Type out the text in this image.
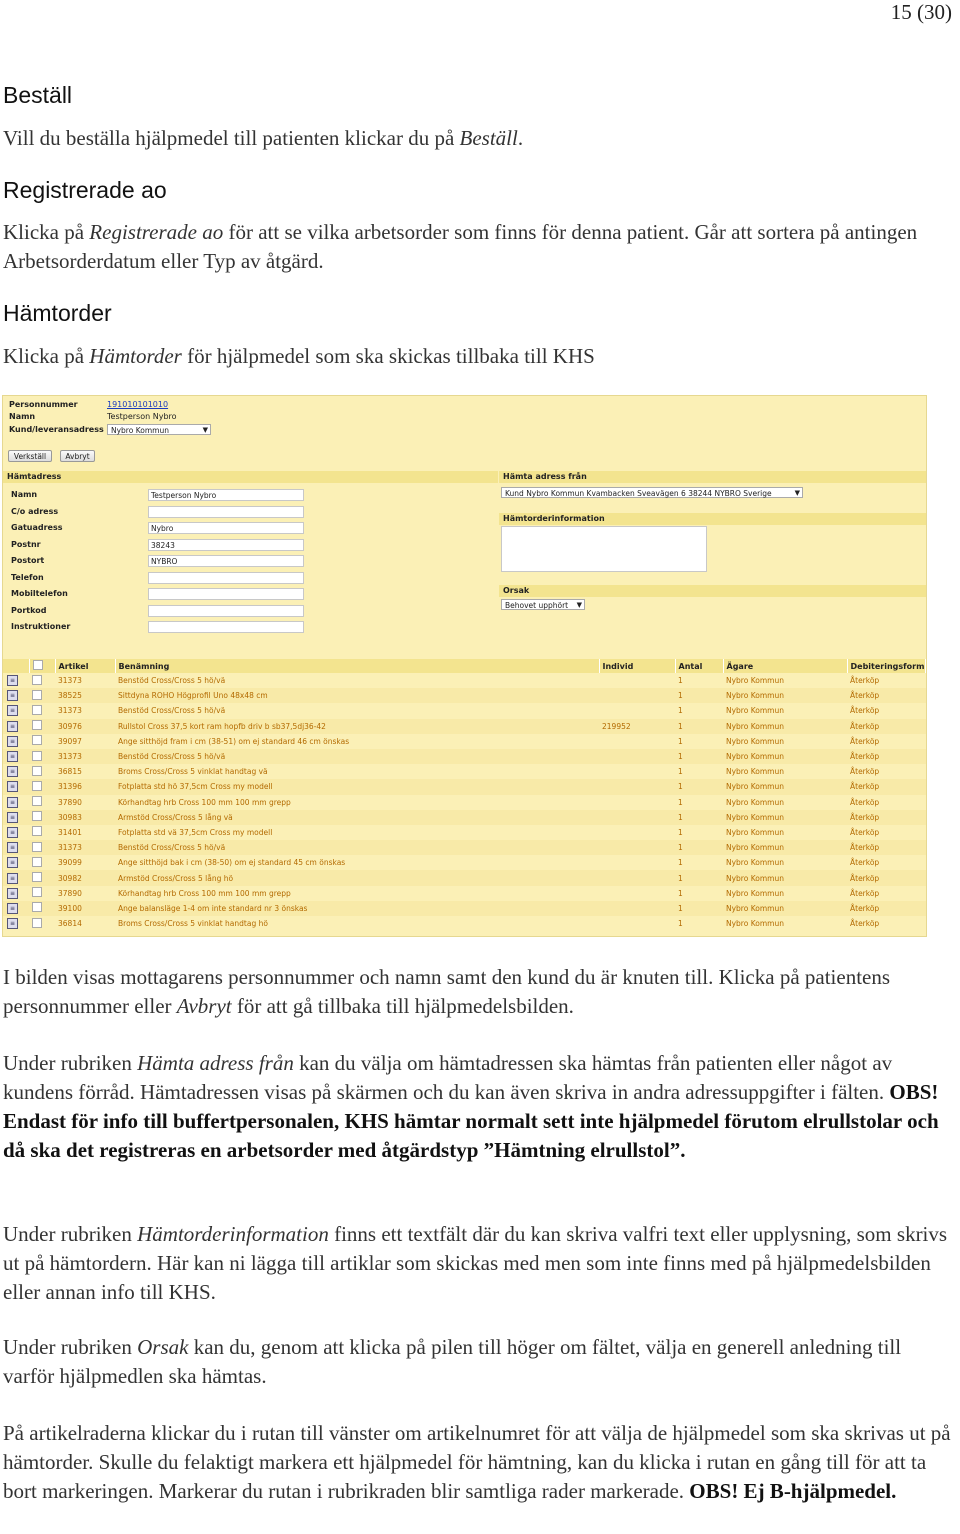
15 (30)
Beställ
Vill du beställa hjälpmedel till patienten klickar du på Beställ.
Registrerade ao
Klicka på Registrerade ao för att se vilka arbetsorder som finns för denna patient. Går att sortera på antingen Arbetsorderdatum eller Typ av åtgärd.
Hämtorder
Klicka på Hämtorder för hjälpmedel som ska skickas tillbaka till KHS
Personnummer	191010101010
Namn	Testperson Nybro
Kund/leveransadress Nybro Kommun	▼
Verkställ	Avbryt
Hämtadress	Hämta adress från
Namn	Testperson Nybro
C/o adress
Gatuadress	Nybro
Postnr	38243
Postort	NYBRO
Telefon
Mobiltelefon
Portkod
Instruktioner
Kund Nybro Kommun Kvambacken Sveavägen 6 38244 NYBRO Sverige	▼
Hämtorderinformation
Orsak
Behovet upphört ▼
		Artikel	Benämning	Individ	Antal	Ägare	Debiteringsform
≡		31373	Benstöd Cross/Cross 5 hö/vä		1	Nybro Kommun	Återköp
≡		38525	Sittdyna ROHO Högprofil Uno 48x48 cm		1	Nybro Kommun	Återköp
≡		31373	Benstöd Cross/Cross 5 hö/vä		1	Nybro Kommun	Återköp
≡		30976	Rullstol Cross 37,5 kort ram hopfb driv b sb37,5dj36-42	219952	1	Nybro Kommun	Återköp
≡		39097	Ange sitthöjd fram i cm (38-51) om ej standard 46 cm önskas		1	Nybro Kommun	Återköp
≡		31373	Benstöd Cross/Cross 5 hö/vä		1	Nybro Kommun	Återköp
≡		36815	Broms Cross/Cross 5 vinklat handtag vä		1	Nybro Kommun	Återköp
≡		31396	Fotplatta std hö 37,5cm Cross my modell		1	Nybro Kommun	Återköp
≡		37890	Körhandtag hrb Cross 100 mm 100 mm grepp		1	Nybro Kommun	Återköp
≡		30983	Armstöd Cross/Cross 5 lång vä		1	Nybro Kommun	Återköp
≡		31401	Fotplatta std vä 37,5cm Cross my modell		1	Nybro Kommun	Återköp
≡		31373	Benstöd Cross/Cross 5 hö/vä		1	Nybro Kommun	Återköp
≡		39099	Ange sitthöjd bak i cm (38-50) om ej standard 45 cm önskas		1	Nybro Kommun	Återköp
≡		30982	Armstöd Cross/Cross 5 lång hö		1	Nybro Kommun	Återköp
≡		37890	Körhandtag hrb Cross 100 mm 100 mm grepp		1	Nybro Kommun	Återköp
≡		39100	Ange balansläge 1-4 om inte standard nr 3 önskas		1	Nybro Kommun	Återköp
≡		36814	Broms Cross/Cross 5 vinklat handtag hö		1	Nybro Kommun	Återköp
I bilden visas mottagarens personnummer och namn samt den kund du är knuten till. Klicka på patientens personnummer eller Avbryt för att gå tillbaka till hjälpmedelsbilden.
Under rubriken Hämta adress från kan du välja om hämtadressen ska hämtas från patienten eller något av kundens förråd. Hämtadressen visas på skärmen och du kan även skriva in andra adressuppgifter i fälten. OBS! Endast för info till buffertpersonalen, KHS hämtar normalt sett inte hjälpmedel förutom elrullstolar och då ska det registreras en arbetsorder med åtgärdstyp ”Hämtning elrullstol”.
Under rubriken Hämtorderinformation finns ett textfält där du kan skriva valfri text eller upplysning, som skrivs ut på hämtordern. Här kan ni lägga till artiklar som skickas med men som inte finns med på hjälpmedelsbilden eller annan info till KHS.
Under rubriken Orsak kan du, genom att klicka på pilen till höger om fältet, välja en generell anledning till varför hjälpmedlen ska hämtas.
På artikelraderna klickar du i rutan till vänster om artikelnumret för att välja de hjälpmedel som ska skrivas ut på hämtorder. Skulle du felaktigt markera ett hjälpmedel för hämtning, kan du klicka i rutan en gång till för att ta bort markeringen. Markerar du rutan i rubrikraden blir samtliga rader markerade. OBS! Ej B-hjälpmedel.
